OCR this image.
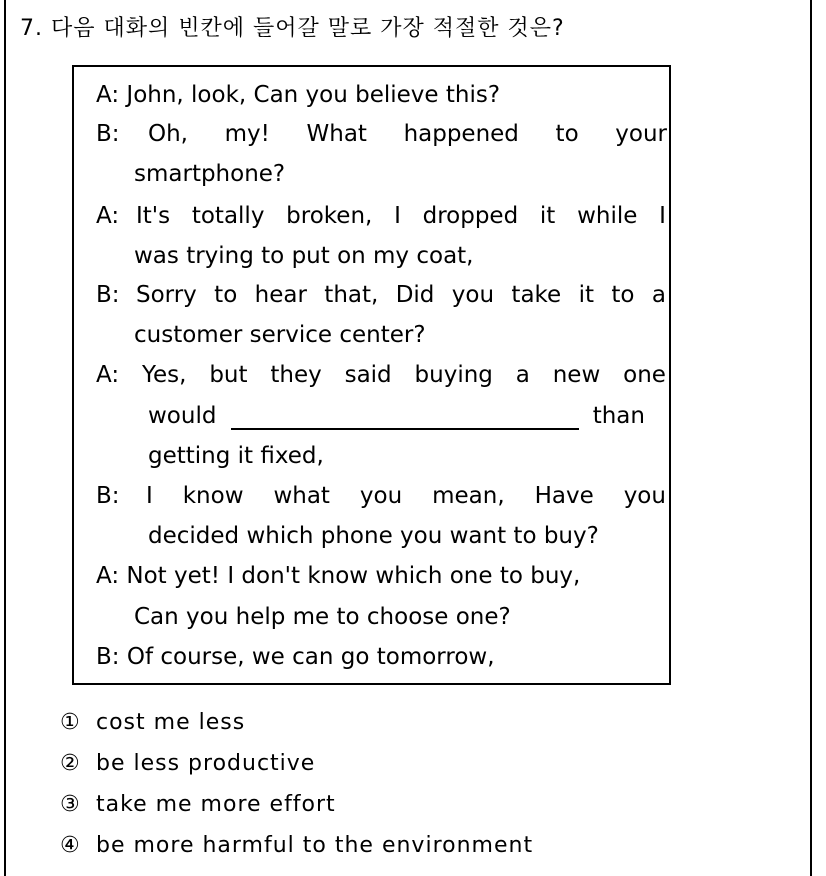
7. 다음 대화의 빈칸에 들어갈 말로 가장 적절한 것은?
A: John, look, Can you believe this?
B: Oh, my! What happened to your
smartphone?
A: It's totally broken, I dropped it while I
was trying to put on my coat,
B: Sorry to hear that, Did you take it to a
customer service center?
A: Yes, but they said buying a new one
would	than
getting it fixed,
B: I know what you mean, Have you
decided which phone you want to buy?
A: Not yet! I don't know which one to buy,
Can you help me to choose one?
B: Of course, we can go tomorrow,
① cost me less
② be less productive
③ take me more effort
④ be more harmful to the environment
